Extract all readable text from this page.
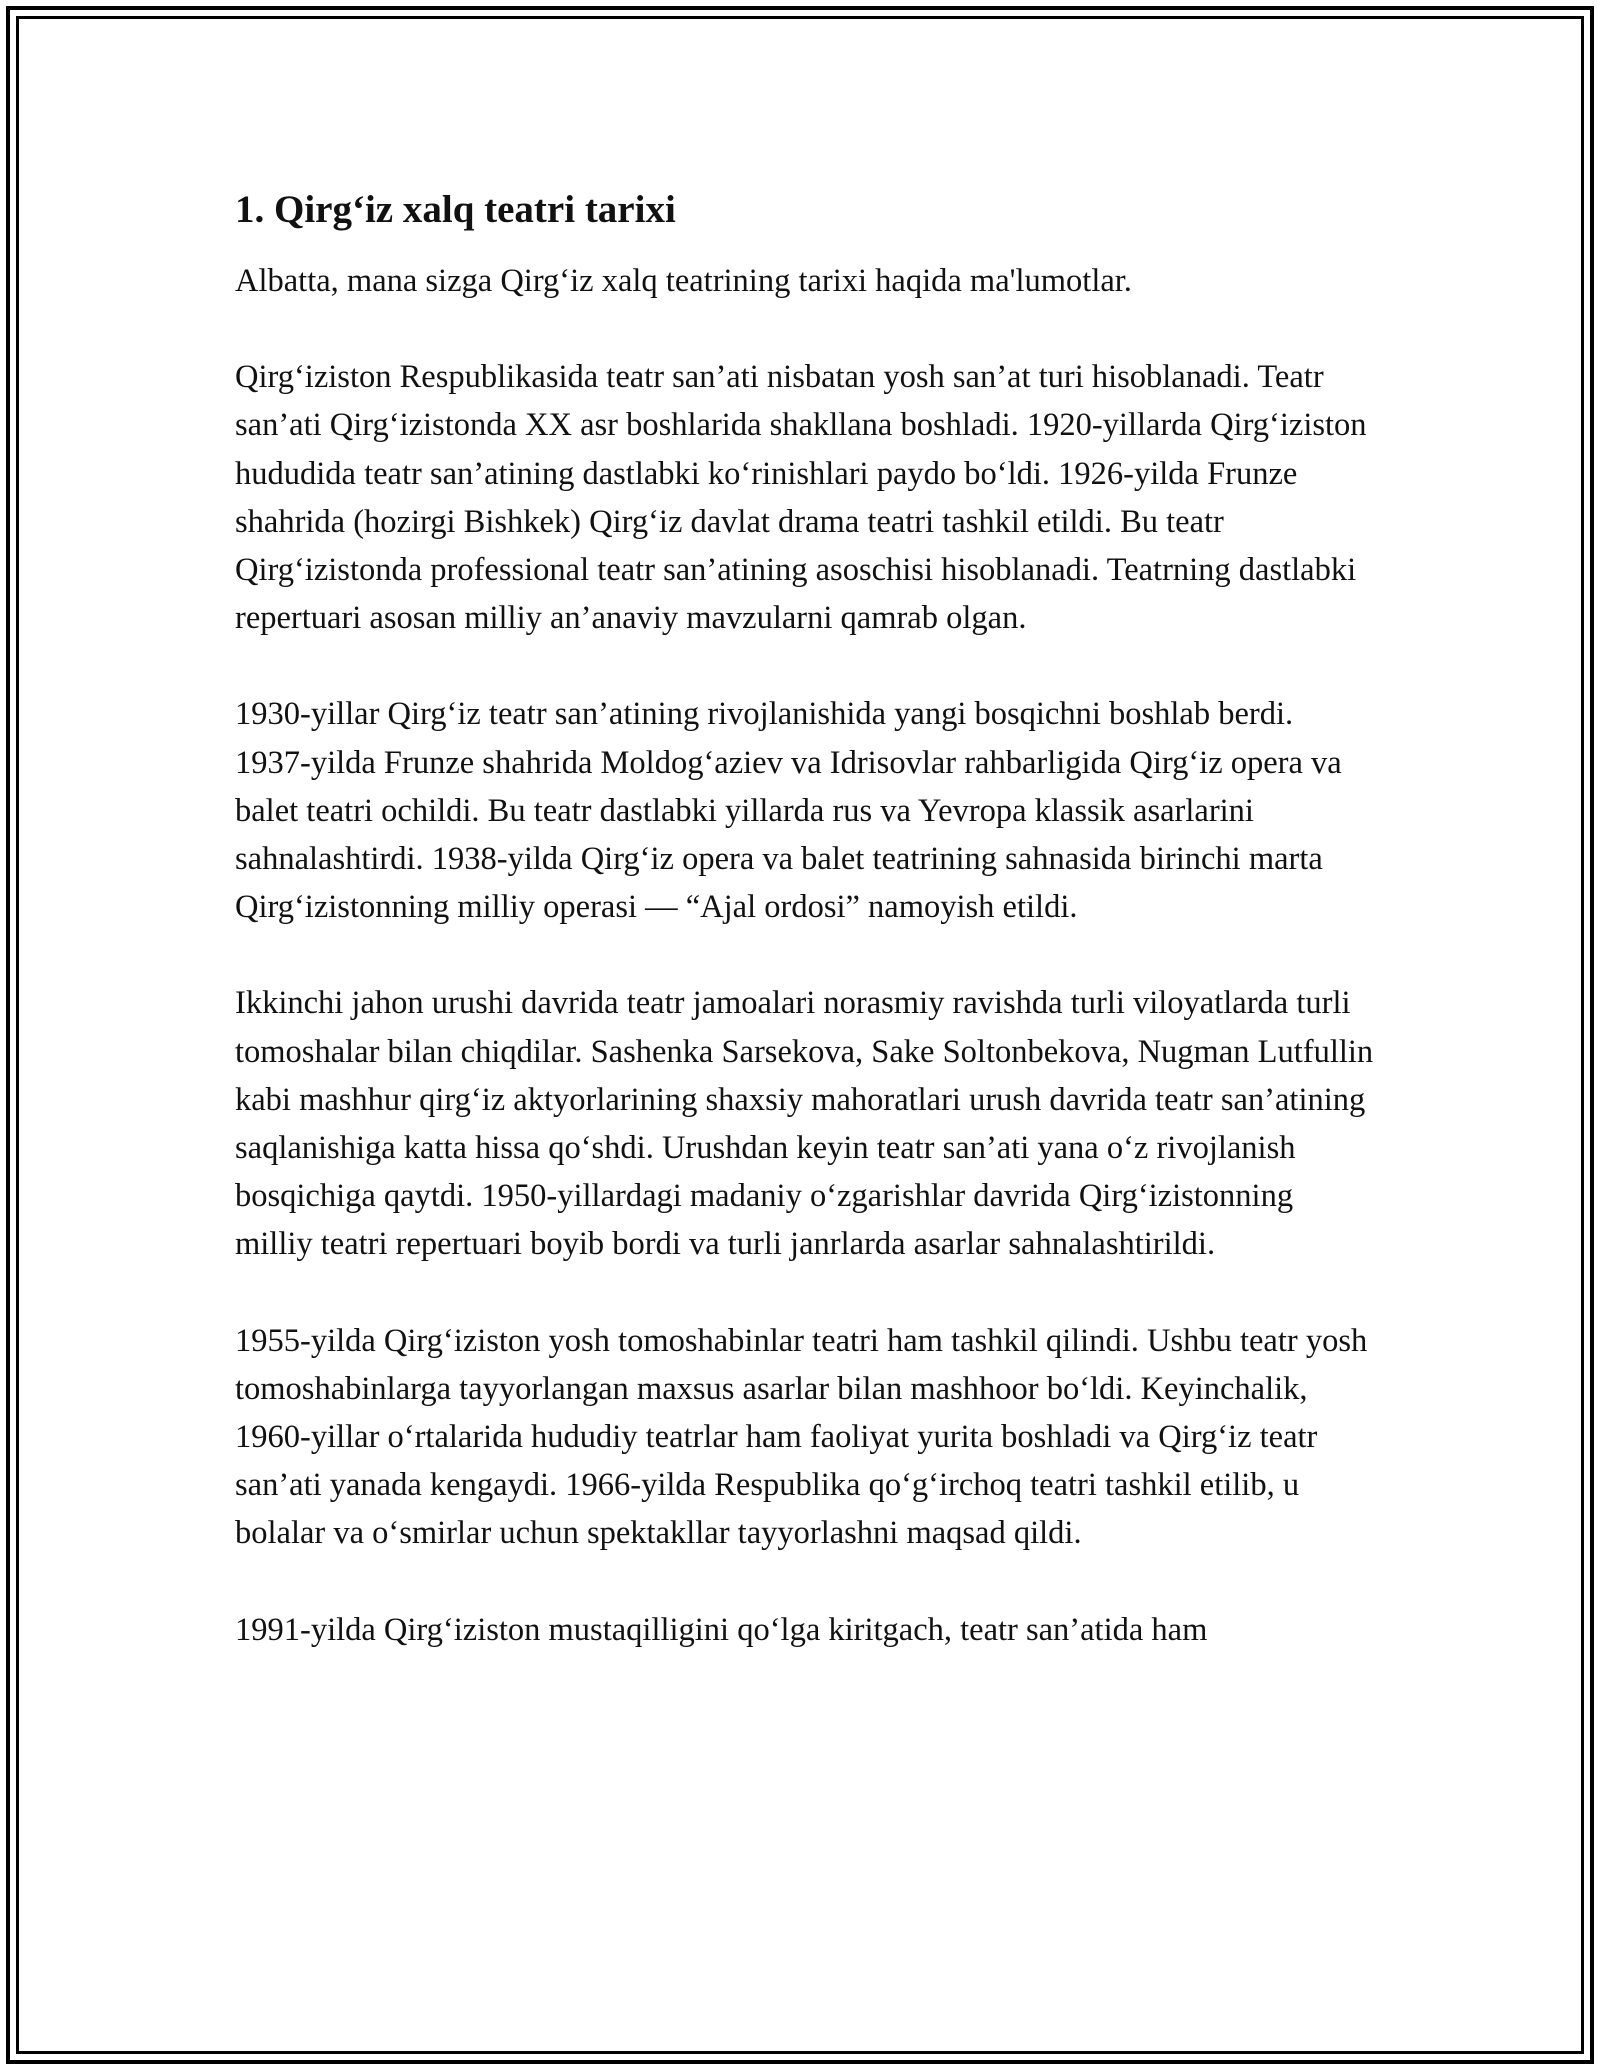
1. Qirg‘iz xalq teatri tarixi

Albatta, mana sizga Qirg‘iz xalq teatrining tarixi haqida ma'lumotlar.

Qirg‘iziston Respublikasida teatr san’ati nisbatan yosh san’at turi hisoblanadi. Teatr san’ati Qirg‘izistonda XX asr boshlarida shakllana boshladi. 1920-yillarda Qirg‘iziston hududida teatr san’atining dastlabki ko‘rinishlari paydo bo‘ldi. 1926-yilda Frunze shahrida (hozirgi Bishkek) Qirg‘iz davlat drama teatri tashkil etildi. Bu teatr Qirg‘izistonda professional teatr san’atining asoschisi hisoblanadi. Teatrning dastlabki repertuari asosan milliy an’anaviy mavzularni qamrab olgan.

1930-yillar Qirg‘iz teatr san’atining rivojlanishida yangi bosqichni boshlab berdi. 1937-yilda Frunze shahrida Moldog‘aziev va Idrisovlar rahbarligida Qirg‘iz opera va balet teatri ochildi. Bu teatr dastlabki yillarda rus va Yevropa klassik asarlarini sahnalashtirdi. 1938-yilda Qirg‘iz opera va balet teatrining sahnasida birinchi marta Qirg‘izistonning milliy operasi — “Ajal ordosi” namoyish etildi.

Ikkinchi jahon urushi davrida teatr jamoalari norasmiy ravishda turli viloyatlarda turli tomoshalar bilan chiqdilar. Sashenka Sarsekova, Sake Soltonbekova, Nugman Lutfullin kabi mashhur qirg‘iz aktyorlarining shaxsiy mahoratlari urush davrida teatr san’atining saqlanishiga katta hissa qo‘shdi. Urushdan keyin teatr san’ati yana o‘z rivojlanish bosqichiga qaytdi. 1950-yillardagi madaniy o‘zgarishlar davrida Qirg‘izistonning milliy teatri repertuari boyib bordi va turli janrlarda asarlar sahnalashtirildi.

1955-yilda Qirg‘iziston yosh tomoshabinlar teatri ham tashkil qilindi. Ushbu teatr yosh tomoshabinlarga tayyorlangan maxsus asarlar bilan mashhoor bo‘ldi. Keyinchalik, 1960-yillar o‘rtalarida hududiy teatrlar ham faoliyat yurita boshladi va Qirg‘iz teatr san’ati yanada kengaydi. 1966-yilda Respublika qo‘g‘irchoq teatri tashkil etilib, u bolalar va o‘smirlar uchun spektakllar tayyorlashni maqsad qildi.

1991-yilda Qirg‘iziston mustaqilligini qo‘lga kiritgach, teatr san’atida ham
